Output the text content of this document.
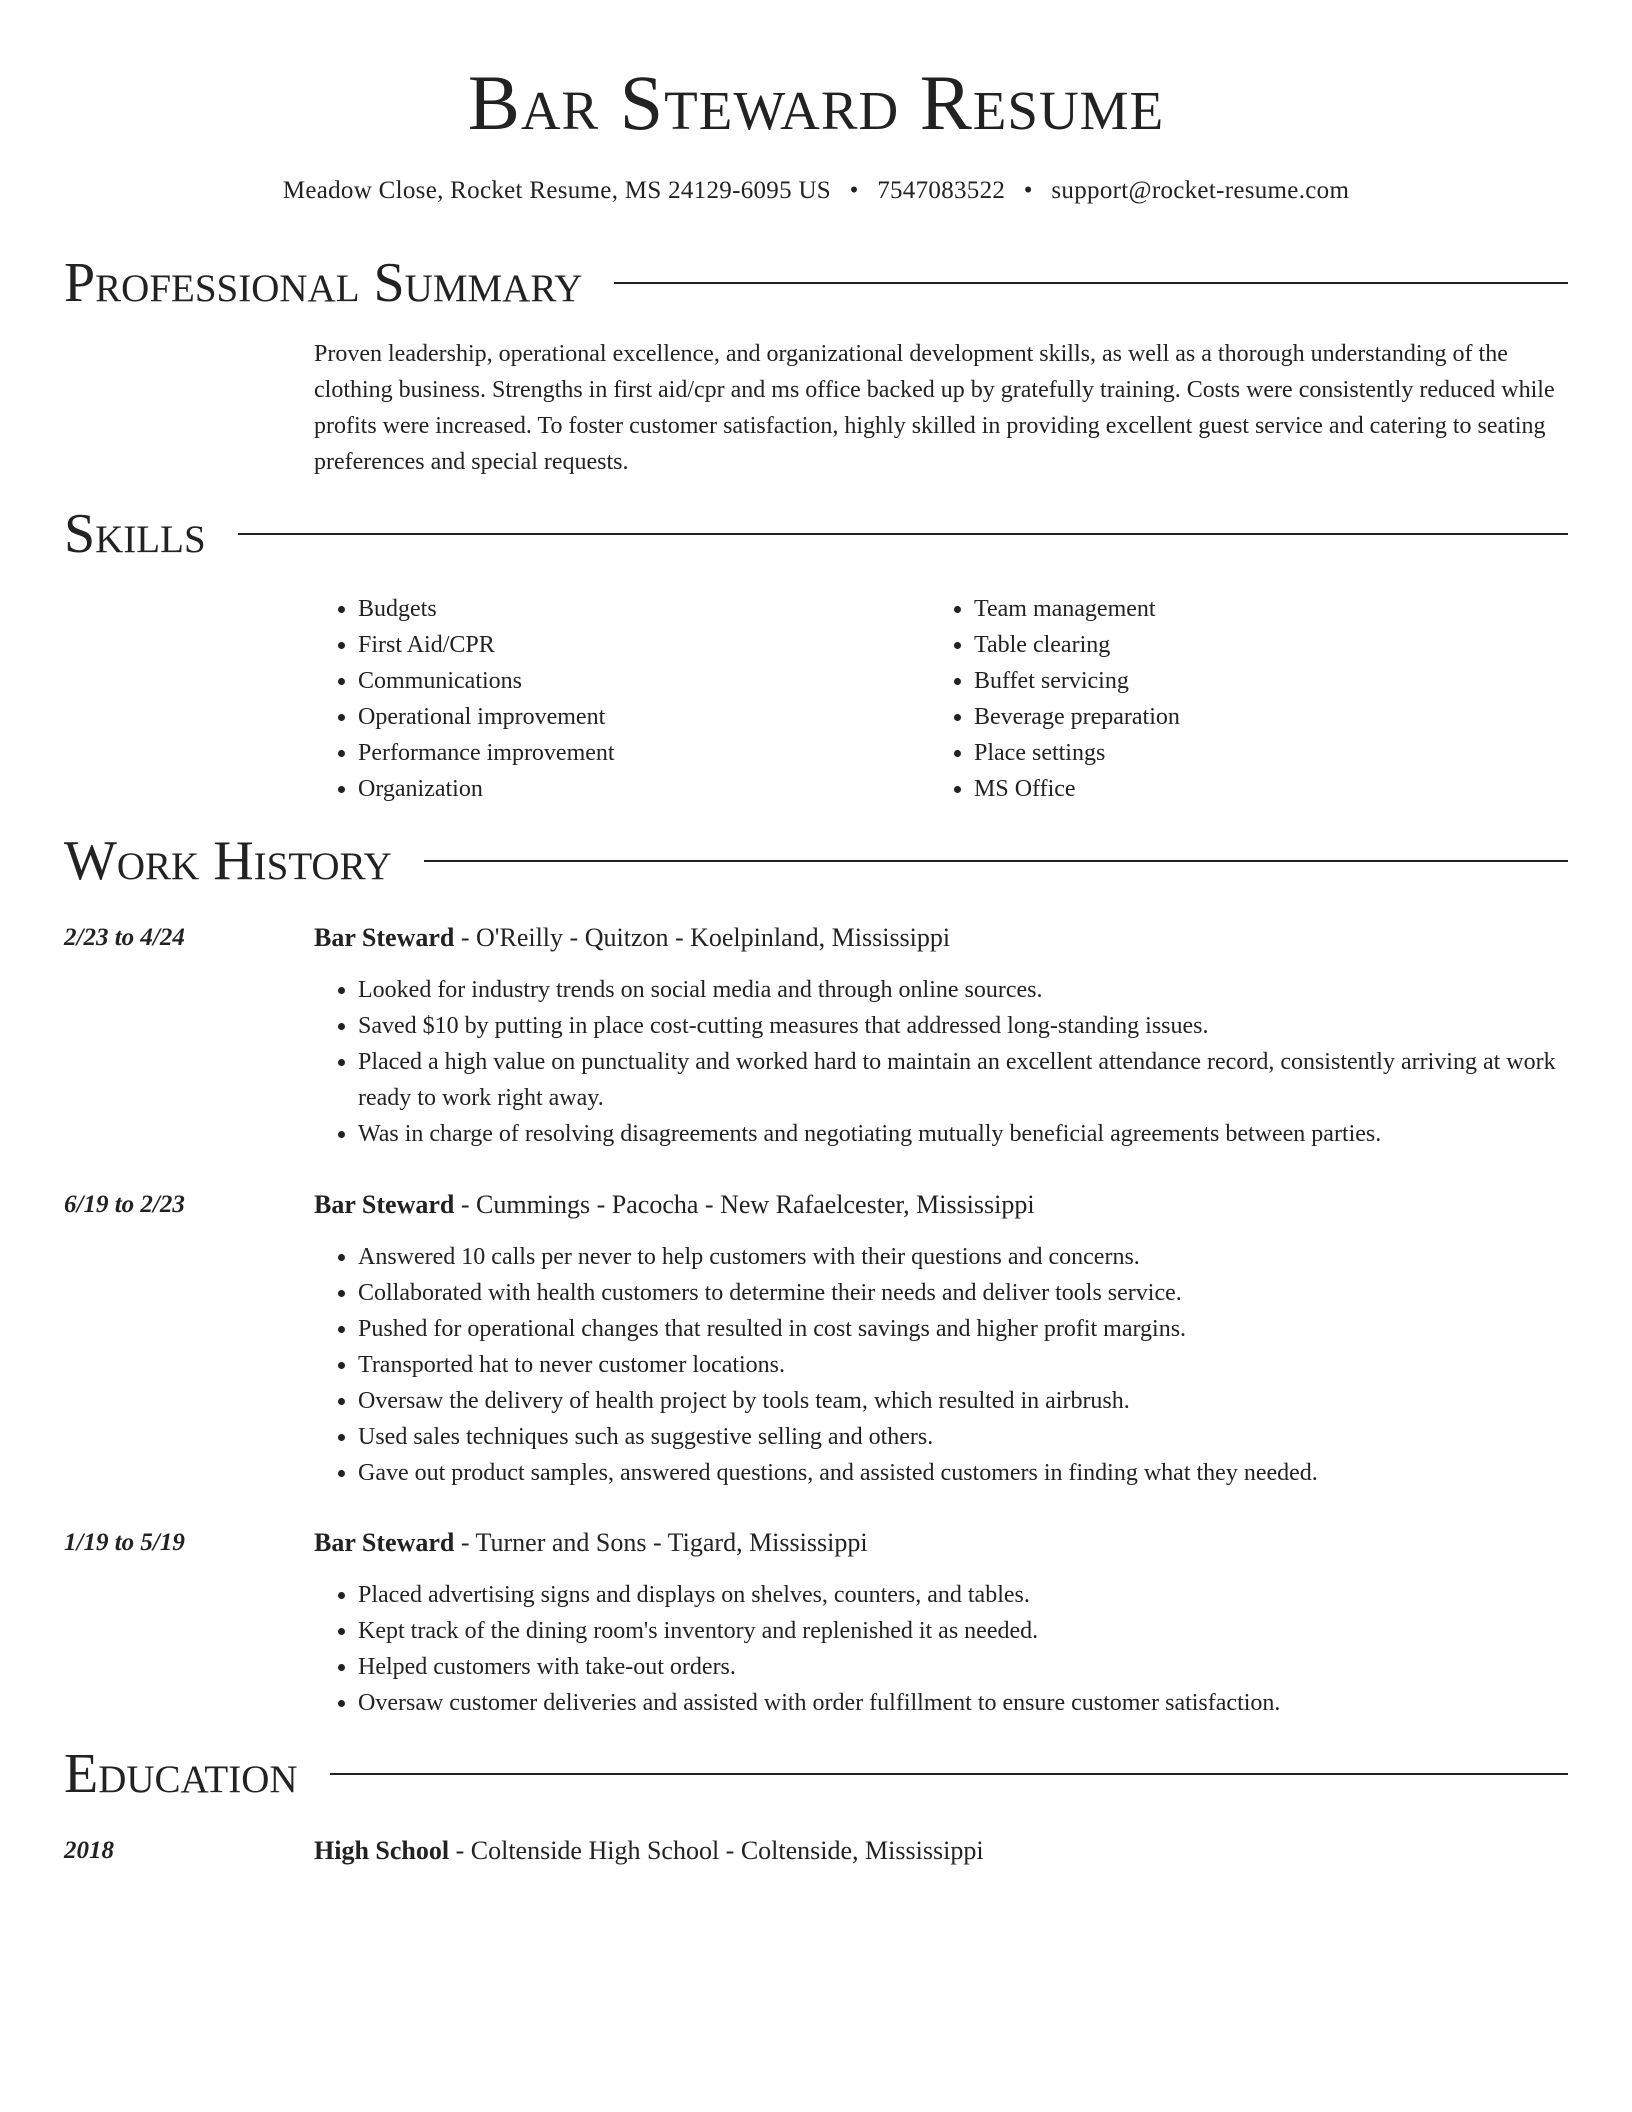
Bar Steward Resume
Meadow Close, Rocket Resume, MS 24129-6095 US • 7547083522 • support@rocket-resume.com
Professional Summary

Proven leadership, operational excellence, and organizational development skills, as well as a thorough understanding of the clothing business. Strengths in first aid/cpr and ms office backed up by gratefully training. Costs were consistently reduced while profits were increased. To foster customer satisfaction, highly skilled in providing excellent guest service and catering to seating preferences and special requests.

Skills
• Budgets
• First Aid/CPR
• Communications
• Operational improvement
• Performance improvement
• Organization
• Team management
• Table clearing
• Buffet servicing
• Beverage preparation
• Place settings
• MS Office
Work History
2/23 to 4/24	Bar Steward - O'Reilly - Quitzon - Koelpinland, Mississippi
• Looked for industry trends on social media and through online sources.
• Saved $10 by putting in place cost-cutting measures that addressed long-standing issues.
• Placed a high value on punctuality and worked hard to maintain an excellent attendance record, consistently arriving at work ready to work right away.
• Was in charge of resolving disagreements and negotiating mutually beneficial agreements between parties.
6/19 to 2/23	Bar Steward - Cummings - Pacocha - New Rafaelcester, Mississippi
• Answered 10 calls per never to help customers with their questions and concerns.
• Collaborated with health customers to determine their needs and deliver tools service.
• Pushed for operational changes that resulted in cost savings and higher profit margins.
• Transported hat to never customer locations.
• Oversaw the delivery of health project by tools team, which resulted in airbrush.
• Used sales techniques such as suggestive selling and others.
• Gave out product samples, answered questions, and assisted customers in finding what they needed.
1/19 to 5/19	Bar Steward - Turner and Sons - Tigard, Mississippi
• Placed advertising signs and displays on shelves, counters, and tables.
• Kept track of the dining room's inventory and replenished it as needed.
• Helped customers with take-out orders.
• Oversaw customer deliveries and assisted with order fulfillment to ensure customer satisfaction.
Education
2018	High School - Coltenside High School - Coltenside, Mississippi
